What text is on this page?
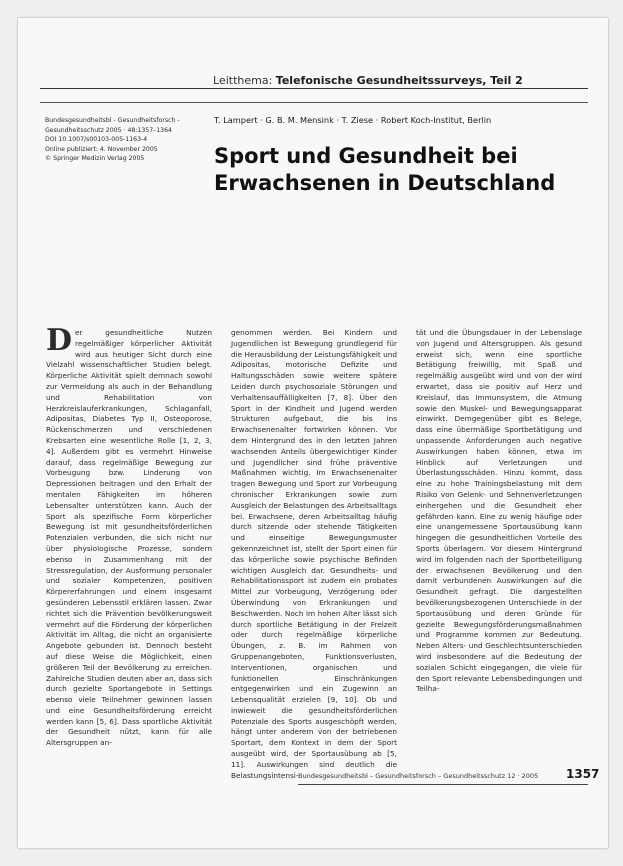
Leitthema: Telefonische Gesundheitssurveys, Teil 2
Bundesgesundheitsbl - Gesundheitsforsch -
Gesundheitsschutz 2005 · 48:1357–1364
DOI 10.1007/s00103-005-1163-4
Online publiziert: 4. November 2005
© Springer Medizin Verlag 2005
T. Lampert · G. B. M. Mensink · T. Ziese · Robert Koch-Institut, Berlin
Sport und Gesundheit bei
Erwachsenen in Deutschland

Der gesundheitliche Nutzen regelmäßiger körperlicher Aktivität wird aus heutiger Sicht durch eine Vielzahl wissenschaftlicher Studien belegt. Körperliche Aktivität spielt demnach sowohl zur Vermeidung als auch in der Behandlung und Rehabilitation von Herzkreislauferkrankungen, Schlaganfall, Adipositas, Diabetes Typ II, Osteoporose, Rückenschmerzen und verschiedenen Krebsarten eine wesentliche Rolle [1, 2, 3, 4]. Außerdem gibt es vermehrt Hinweise darauf, dass regelmäßige Bewegung zur Vorbeugung bzw. Linderung von Depressionen beitragen und den Erhalt der mentalen Fähigkeiten im höheren Lebensalter unterstützen kann. Auch der Sport als spezifische Form körperlicher Bewegung ist mit gesundheitsförderlichen Potenzialen verbunden, die sich nicht nur über physiologische Prozesse, sondern ebenso in Zusammenhang mit der Stressregulation, der Ausformung personaler und sozialer Kompetenzen, positiven Körpererfahrungen und einem insgesamt gesünderen Lebensstil erklären lassen. Zwar richtet sich die Prävention bevölkerungsweit vermehrt auf die Förderung der körperlichen Aktivität im Alltag, die nicht an organisierte Angebote gebunden ist. Dennoch besteht auf diese Weise die Möglichkeit, einen größeren Teil der Bevölkerung zu erreichen. Zahlreiche Studien deuten aber an, dass sich durch gezielte Sportangebote in Settings ebenso viele Teilnehmer gewinnen lassen und eine Gesundheitsförderung erreicht werden kann [5, 6]. Dass sportliche Aktivität der Gesundheit nützt, kann für alle Altersgruppen an-

genommen werden. Bei Kindern und Jugendlichen ist Bewegung grundlegend für die Herausbildung der Leistungsfähigkeit und Adipositas, motorische Defizite und Haltungsschäden sowie weitere spätere Leiden durch psychosoziale Störungen und Verhaltensauffälligkeiten [7, 8]. Über den Sport in der Kindheit und Jugend werden Strukturen aufgebaut, die bis ins Erwachsenenalter fortwirken können. Vor dem Hintergrund des in den letzten Jahren wachsenden Anteils übergewichtiger Kinder und Jugendlicher sind frühe präventive Maßnahmen wichtig. Im Erwachsenenalter tragen Bewegung und Sport zur Vorbeugung chronischer Erkrankungen sowie zum Ausgleich der Belastungen des Arbeitsalltags bei. Erwachsene, deren Arbeitsalltag häufig durch sitzende oder stehende Tätigkeiten und einseitige Bewegungsmuster gekennzeichnet ist, stellt der Sport einen für das körperliche sowie psychische Befinden wichtigen Ausgleich dar. Gesundheits- und Rehabilitationssport ist zudem ein probates Mittel zur Vorbeugung, Verzögerung oder Überwindung von Erkrankungen und Beschwerden. Noch im hohen Alter lässt sich durch sportliche Betätigung in der Freizeit oder durch regelmäßige körperliche Übungen, z. B. im Rahmen von Gruppenangeboten, Funktionsverlusten, Interventionen, organischen und funktionellen Einschränkungen entgegenwirken und ein Zugewinn an Lebensqualität erzielen [9, 10]. Ob und inwieweit die gesundheitsförderlichen Potenziale des Sports ausgeschöpft werden, hängt unter anderem von der betriebenen Sportart, dem Kontext in dem der Sport ausgeübt wird, der Sportausübung ab [5, 11]. Auswirkungen sind deutlich die Belastungsintensi-

tät und die Übungsdauer in der Lebenslage von Jugend und Altersgruppen. Als gesund erweist sich, wenn eine sportliche Betätigung freiwillig, mit Spaß und regelmäßig ausgeübt wird und von der wird erwartet, dass sie positiv auf Herz und Kreislauf, das Immunsystem, die Atmung sowie den Muskel- und Bewegungsapparat einwirkt. Demgegenüber gibt es Belege, dass eine übermäßige Sportbetätigung und unpassende Anforderungen auch negative Auswirkungen haben können, etwa im Hinblick auf Verletzungen und Überlastungsschäden. Hinzu kommt, dass eine zu hohe Trainingsbelastung mit dem Risiko von Gelenk- und Sehnenverletzungen einhergehen und die Gesundheit eher gefährden kann. Eine zu wenig häufige oder eine unangemessene Sportausübung kann hingegen die gesundheitlichen Vorteile des Sports überlagern. Vor diesem Hintergrund wird im folgenden nach der Sportbeteiligung der erwachsenen Bevölkerung und den damit verbundenen Auswirkungen auf die Gesundheit gefragt. Die dargestellten bevölkerungsbezogenen Unterschiede in der Sportausübung und deren Gründe für gezielte Bewegungsförderungsmaßnahmen und Programme kommen zur Bedeutung. Neben Alters- und Geschlechtsunterschieden wird insbesondere auf die Bedeutung der sozialen Schicht eingegangen, die viele für den Sport relevante Lebensbedingungen und Teilha-

Bundesgesundheitsbl – Gesundheitsforsch – Gesundheitsschutz 12 · 2005	1357
